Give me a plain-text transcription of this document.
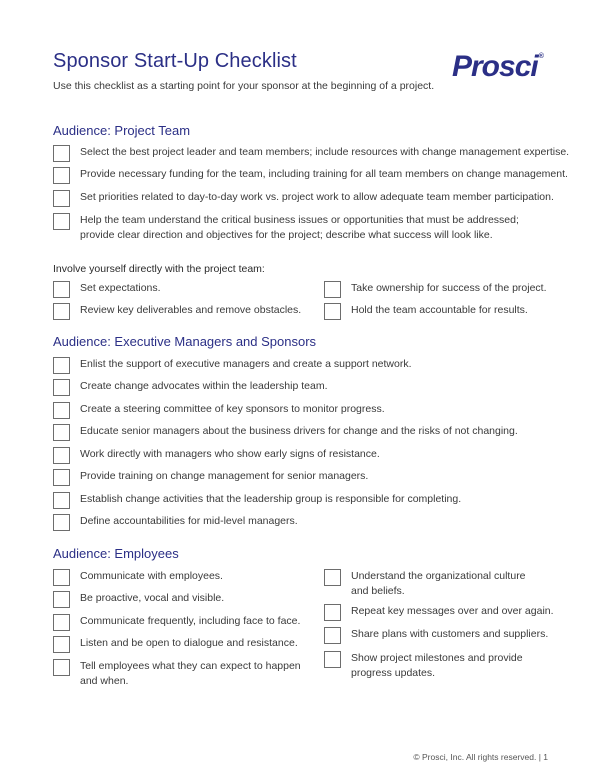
Sponsor Start-Up Checklist
Use this checklist as a starting point for your sponsor at the beginning of a project.
Prosci®
Audience: Project Team
Select the best project leader and team members; include resources with change management expertise.
Provide necessary funding for the team, including training for all team members on change management.
Set priorities related to day-to-day work vs. project work to allow adequate team member participation.
Help the team understand the critical business issues or opportunities that must be addressed;
provide clear direction and objectives for the project; describe what success will look like.
Involve yourself directly with the project team:
Set expectations.
Review key deliverables and remove obstacles.
Take ownership for success of the project.
Hold the team accountable for results.
Audience: Executive Managers and Sponsors
Enlist the support of executive managers and create a support network.
Create change advocates within the leadership team.
Create a steering committee of key sponsors to monitor progress.
Educate senior managers about the business drivers for change and the risks of not changing.
Work directly with managers who show early signs of resistance.
Provide training on change management for senior managers.
Establish change activities that the leadership group is responsible for completing.
Define accountabilities for mid-level managers.
Audience: Employees
Communicate with employees.
Be proactive, vocal and visible.
Communicate frequently, including face to face.
Listen and be open to dialogue and resistance.
Tell employees what they can expect to happen
and when.
Understand the organizational culture
and beliefs.
Repeat key messages over and over again.
Share plans with customers and suppliers.
Show project milestones and provide
progress updates.
© Prosci, Inc. All rights reserved. | 1
